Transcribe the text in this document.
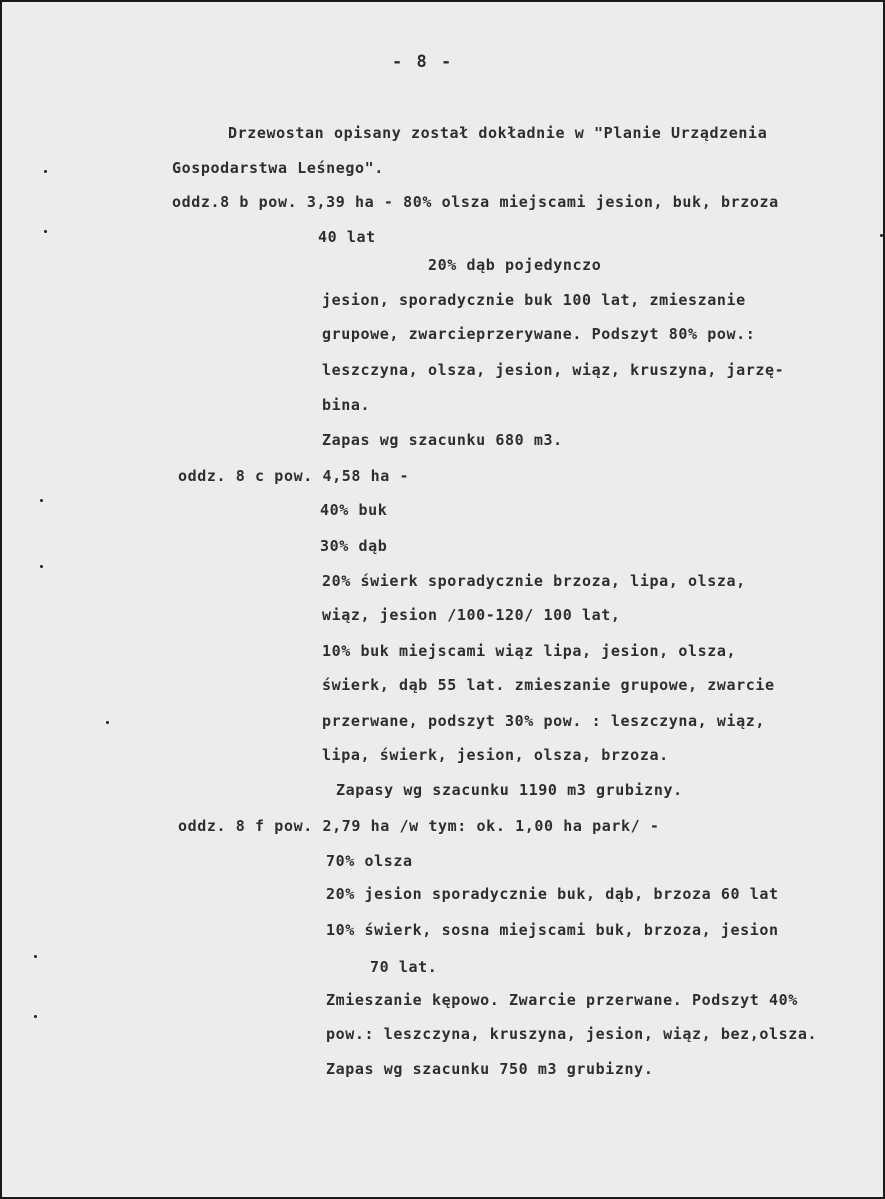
- 8 -
Drzewostan opisany został dokładnie w "Planie Urządzenia
Gospodarstwa Leśnego".
oddz.8 b pow. 3,39 ha - 80% olsza miejscami jesion, buk, brzoza
40 lat
20% dąb pojedynczo
jesion, sporadycznie buk 100 lat, zmieszanie
grupowe, zwarcieprzerywane. Podszyt 80% pow.:
leszczyna, olsza, jesion, wiąz, kruszyna, jarzę-
bina.
Zapas wg szacunku 680 m3.
oddz. 8 c pow. 4,58 ha -
40% buk
30% dąb
20% świerk sporadycznie brzoza, lipa, olsza,
wiąz, jesion /100-120/ 100 lat,
10% buk miejscami wiąz lipa, jesion, olsza,
świerk, dąb 55 lat. zmieszanie grupowe, zwarcie
przerwane, podszyt 30% pow. : leszczyna, wiąz,
lipa, świerk, jesion, olsza, brzoza.
Zapasy wg szacunku 1190 m3 grubizny.
oddz. 8 f pow. 2,79 ha /w tym: ok. 1,00 ha park/ -
70% olsza
20% jesion sporadycznie buk, dąb, brzoza 60 lat
10% świerk, sosna miejscami buk, brzoza, jesion
70 lat.
Zmieszanie kępowo. Zwarcie przerwane. Podszyt 40%
pow.: leszczyna, kruszyna, jesion, wiąz, bez,olsza.
Zapas wg szacunku 750 m3 grubizny.
